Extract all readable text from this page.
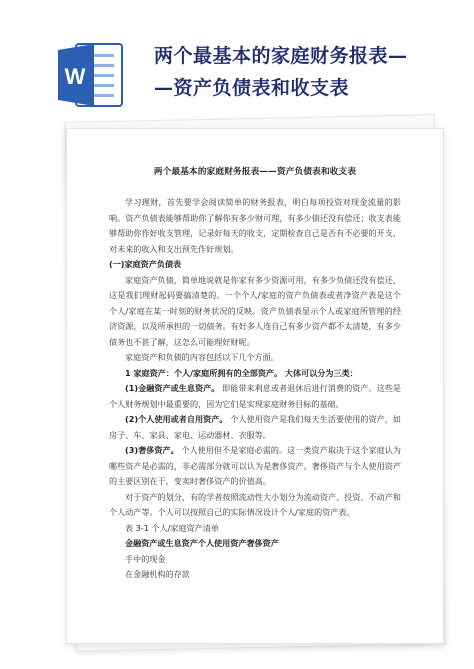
W
两个最基本的家庭财务报表—
—资产负债表和收支表
两个最基本的家庭财务报表——资产负债表和收支表
学习理财，首先要学会阅读简单的财务报表，明白每项投资对现金流量的影响。资产负债表能够帮助你了解你有多少财可理，有多少债还没有偿还；收支表能够帮助你作好收支管理，记录好每天的收支，定期检查自己是否有不必要的开支，对未来的收入和支出预先作好规划。
(一)家庭资产负债表
家庭资产负债，简单地说就是你家有多少资源可用，有多少负债还没有偿还，这是我们理财起码要搞清楚的。一个个人/家庭的资产负债表或者净资产表是这个个人/家庭在某一时刻的财务状况的反映。资产负债表显示个人或家庭所管理的经济资源，以及所承担的一切债务。有好多人连自己有多少资产都不太清楚，有多少债务也不甚了解，这怎么可能理好财呢。
家庭资产和负债的内容包括以下几个方面。
1 家庭资产：个人/家庭所拥有的全部资产。 大体可以分为三类：
(1)金融资产或生息资产。 即能带来利息或者退休后进行消费的资产。这些是个人财务规划中最重要的，因为它们是实现家庭财务目标的基础。
(2)个人使用或者自用资产。 个人使用资产是我们每天生活要使用的资产，如房子、车、家具、家电、运动器材、衣服等。
(3)奢侈资产。 个人使用但不是家庭必需的。这一类资产取决于这个家庭认为哪些资产是必需的，非必需部分就可以认为是奢侈资产。奢侈资产与个人使用资产的主要区别在于，变卖时奢侈资产的价值高。
对于资产的划分，有的学者按照流动性大小划分为流动资产、投资、不动产和个人动产等。个人可以按照自己的实际情况设计个人/家庭的资产表。
表 3-1 个人/家庭资产清单
金融资产或生息资产个人使用资产奢侈资产
手中的现金
在金融机构的存款
